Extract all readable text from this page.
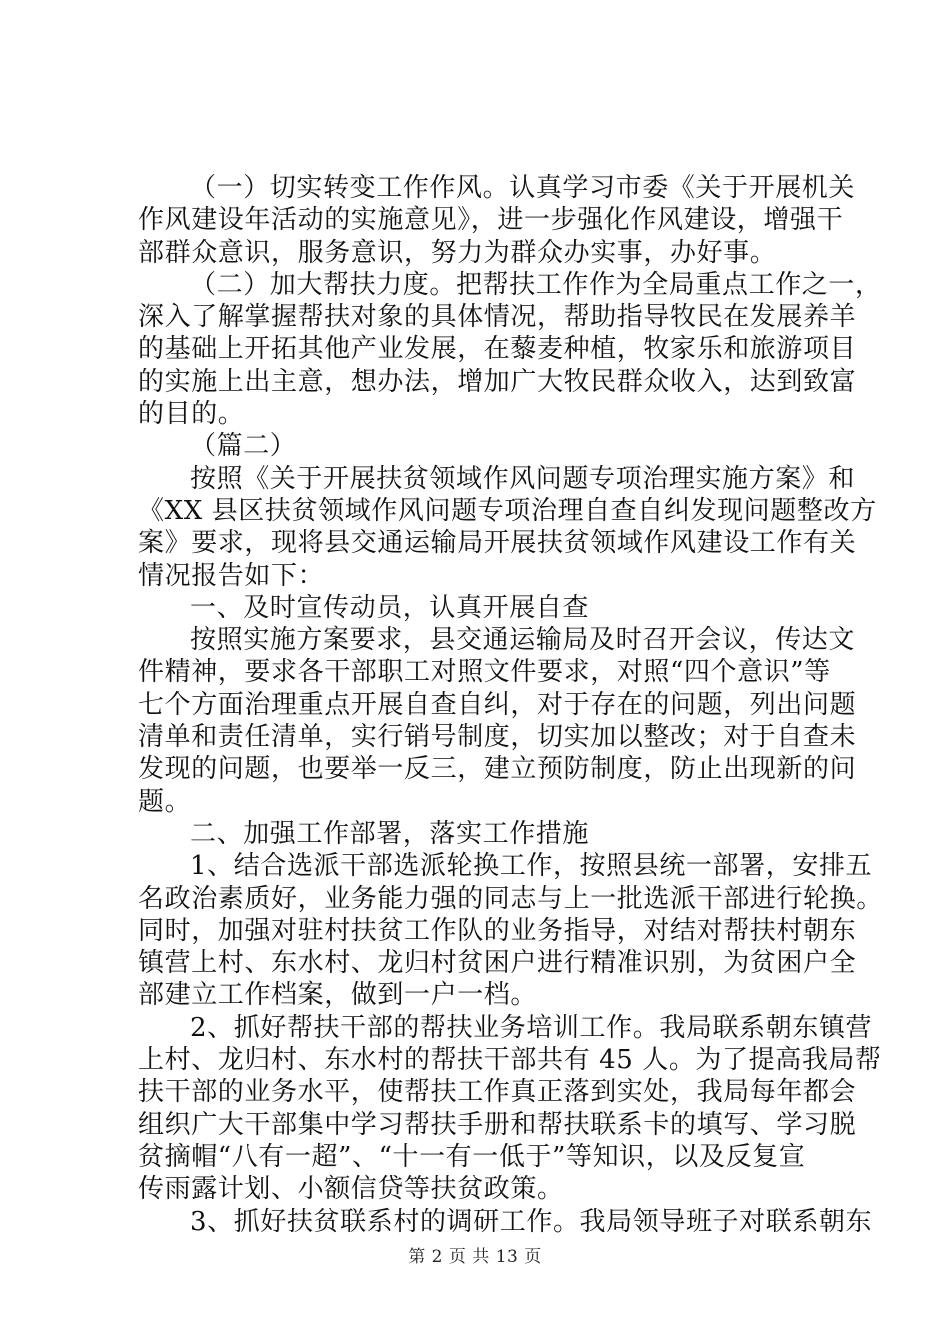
（一）切实转变工作作风。认真学习市委《关于开展机关
作风建设年活动的实施意见》，进一步强化作风建设，增强干
部群众意识，服务意识，努力为群众办实事，办好事。

（二）加大帮扶力度。把帮扶工作作为全局重点工作之一，
深入了解掌握帮扶对象的具体情况，帮助指导牧民在发展养羊
的基础上开拓其他产业发展，在藜麦种植，牧家乐和旅游项目
的实施上出主意，想办法，增加广大牧民群众收入，达到致富
的目的。

（篇二）

按照《关于开展扶贫领域作风问题专项治理实施方案》和
《XX 县区扶贫领域作风问题专项治理自查自纠发现问题整改方
案》要求，现将县交通运输局开展扶贫领域作风建设工作有关
情况报告如下：

一、及时宣传动员，认真开展自查

按照实施方案要求，县交通运输局及时召开会议，传达文
件精神，要求各干部职工对照文件要求，对照“四个意识”等
七个方面治理重点开展自查自纠，对于存在的问题，列出问题
清单和责任清单，实行销号制度，切实加以整改；对于自查未
发现的问题，也要举一反三，建立预防制度，防止出现新的问
题。

二、加强工作部署，落实工作措施

1、结合选派干部选派轮换工作，按照县统一部署，安排五
名政治素质好，业务能力强的同志与上一批选派干部进行轮换。
同时，加强对驻村扶贫工作队的业务指导，对结对帮扶村朝东
镇营上村、东水村、龙归村贫困户进行精准识别，为贫困户全
部建立工作档案，做到一户一档。

2、抓好帮扶干部的帮扶业务培训工作。我局联系朝东镇营
上村、龙归村、东水村的帮扶干部共有 45 人。为了提高我局帮
扶干部的业务水平，使帮扶工作真正落到实处，我局每年都会
组织广大干部集中学习帮扶手册和帮扶联系卡的填写、学习脱
贫摘帽“八有一超”、“十一有一低于”等知识，以及反复宣
传雨露计划、小额信贷等扶贫政策。

3、抓好扶贫联系村的调研工作。我局领导班子对联系朝东

第 2 页 共 13 页
